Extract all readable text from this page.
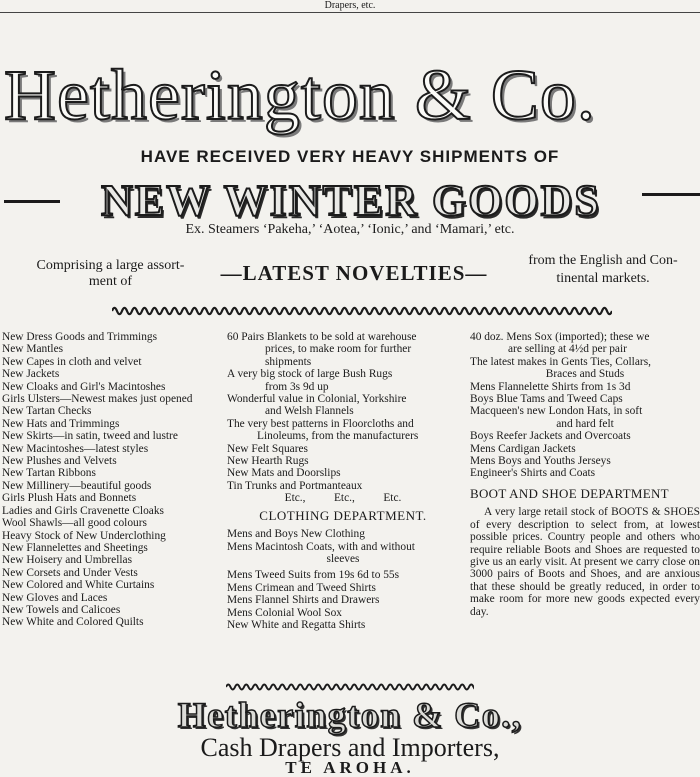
Drapers, etc.
Hetherington & Co.
HAVE RECEIVED VERY HEAVY SHIPMENTS OF
NEW WINTER GOODS
Ex. Steamers ‘Pakeha,’ ‘Aotea,’ ‘Ionic,’ and ‘Mamari,’ etc.
Comprising a large assort-
ment of	—LATEST NOVELTIES—
from the English and Con-
tinental markets.
New Dress Goods and Trimmings
New Mantles
New Capes in cloth and velvet
New Jackets
New Cloaks and Girl's Macintoshes
Girls Ulsters—Newest makes just opened
New Tartan Checks
New Hats and Trimmings
New Skirts—in satin, tweed and lustre
New Macintoshes—latest styles
New Plushes and Velvets
New Tartan Ribbons
New Millinery—beautiful goods
Girls Plush Hats and Bonnets
Ladies and Girls Cravenette Cloaks
Wool Shawls—all good colours
Heavy Stock of New Underclothing
New Flannelettes and Sheetings
New Hoisery and Umbrellas
New Corsets and Under Vests
New Colored and White Curtains
New Gloves and Laces
New Towels and Calicoes
New White and Colored Quilts
60 Pairs Blankets to be sold at warehouse
prices, to make room for further
shipments
A very big stock of large Bush Rugs
from 3s 9d up
Wonderful value in Colonial, Yorkshire
and Welsh Flannels
The very best patterns in Floorcloths and
Linoleums, from the manufacturers
New Felt Squares
New Hearth Rugs
New Mats and Doorslips
Tin Trunks and Portmanteaux
Etc.,          Etc.,          Etc.
CLOTHING DEPARTMENT.
Mens and Boys New Clothing
Mens Macintosh Coats, with and without
sleeves
Mens Tweed Suits from 19s 6d to 55s
Mens Crimean and Tweed Shirts
Mens Flannel Shirts and Drawers
Mens Colonial Wool Sox
New White and Regatta Shirts
40 doz. Mens Sox (imported); these we
are selling at 4½d per pair
The latest makes in Gents Ties, Collars,
Braces and Studs
Mens Flannelette Shirts from 1s 3d
Boys Blue Tams and Tweed Caps
Macqueen's new London Hats, in soft
and hard felt
Boys Reefer Jackets and Overcoats
Mens Cardigan Jackets
Mens Boys and Youths Jerseys
Engineer's Shirts and Coats
BOOT AND SHOE DEPARTMENT

A very large retail stock of BOOTS & SHOES of every description to select from, at lowest possible prices. Country people and others who require reliable Boots and Shoes are requested to give us an early visit. At present we carry close on 3000 pairs of Boots and Shoes, and are anxious that these should be greatly reduced, in order to make room for more new goods expected every day.

Hetherington & Co.,
Cash Drapers and Importers,
TE AROHA.
